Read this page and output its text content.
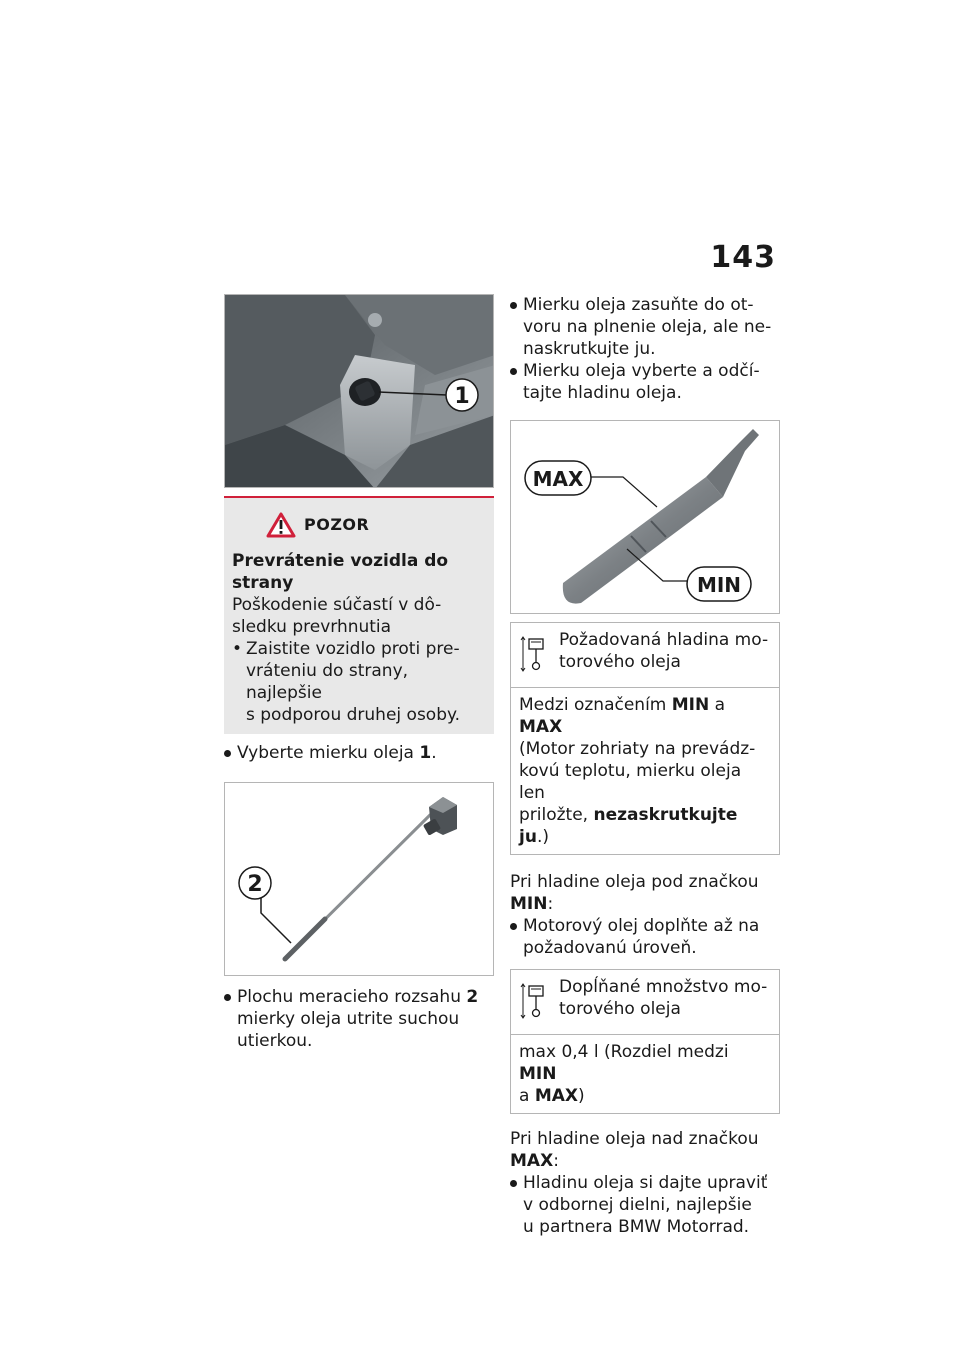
143
1
POZOR
Prevrátenie vozidla do
strany
Poškodenie súčastí v dô-
sledku prevrhnutia
• Zaistite vozidlo proti pre-
vráteniu do strany, najlepšie
s podporou druhej osoby.
Vyberte mierku oleja 1.
2
Plochu meracieho rozsahu 2
mierky oleja utrite suchou
utierkou.
Mierku oleja zasuňte do ot-
voru na plnenie oleja, ale ne-
naskrutkujte ju.
Mierku oleja vyberte a odčí-
tajte hladinu oleja.
MAX
MIN
Požadovaná hladina mo-
torového oleja
Medzi označením MIN a MAX
(Motor zohriaty na prevádz-
kovú teplotu, mierku oleja len
priložte, nezaskrutkujte ju.)
Pri hladine oleja pod značkou
MIN:
Motorový olej doplňte až na
požadovanú úroveň.
Dopĺňané množstvo mo-
torového oleja
max 0,4 l (Rozdiel medzi MIN
a MAX)
Pri hladine oleja nad značkou
MAX:
Hladinu oleja si dajte upraviť
v odbornej dielni, najlepšie
u partnera BMW Motorrad.
